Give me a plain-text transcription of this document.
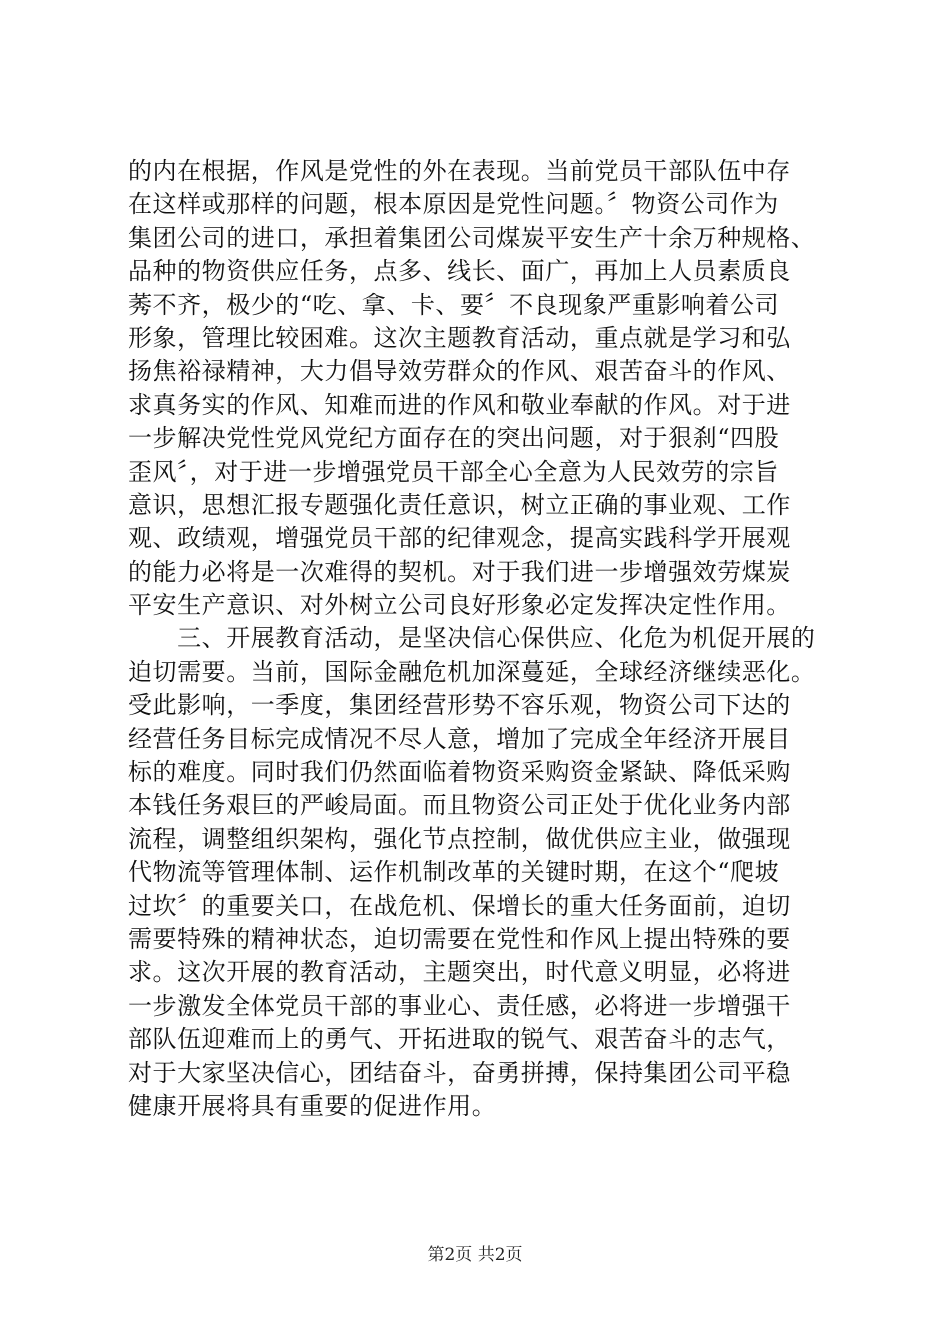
的内在根据，作风是党性的外在表现。当前党员干部队伍中存
在这样或那样的问题，根本原因是党性问题。〞物资公司作为
集团公司的进口，承担着集团公司煤炭平安生产十余万种规格、
品种的物资供应任务，点多、线长、面广，再加上人员素质良
莠不齐，极少的“吃、拿、卡、要〞不良现象严重影响着公司
形象，管理比较困难。这次主题教育活动，重点就是学习和弘
扬焦裕禄精神，大力倡导效劳群众的作风、艰苦奋斗的作风、
求真务实的作风、知难而进的作风和敬业奉献的作风。对于进
一步解决党性党风党纪方面存在的突出问题，对于狠刹“四股
歪风〞，对于进一步增强党员干部全心全意为人民效劳的宗旨
意识，思想汇报专题强化责任意识，树立正确的事业观、工作
观、政绩观，增强党员干部的纪律观念，提高实践科学开展观
的能力必将是一次难得的契机。对于我们进一步增强效劳煤炭
平安生产意识、对外树立公司良好形象必定发挥决定性作用。
　　三、开展教育活动，是坚决信心保供应、化危为机促开展的
迫切需要。当前，国际金融危机加深蔓延，全球经济继续恶化。
受此影响，一季度，集团经营形势不容乐观，物资公司下达的
经营任务目标完成情况不尽人意，增加了完成全年经济开展目
标的难度。同时我们仍然面临着物资采购资金紧缺、降低采购
本钱任务艰巨的严峻局面。而且物资公司正处于优化业务内部
流程，调整组织架构，强化节点控制，做优供应主业，做强现
代物流等管理体制、运作机制改革的关键时期，在这个“爬坡
过坎〞的重要关口，在战危机、保增长的重大任务面前，迫切
需要特殊的精神状态，迫切需要在党性和作风上提出特殊的要
求。这次开展的教育活动，主题突出，时代意义明显，必将进
一步激发全体党员干部的事业心、责任感，必将进一步增强干
部队伍迎难而上的勇气、开拓进取的锐气、艰苦奋斗的志气，
对于大家坚决信心，团结奋斗，奋勇拼搏，保持集团公司平稳
健康开展将具有重要的促进作用。
第2页 共2页
